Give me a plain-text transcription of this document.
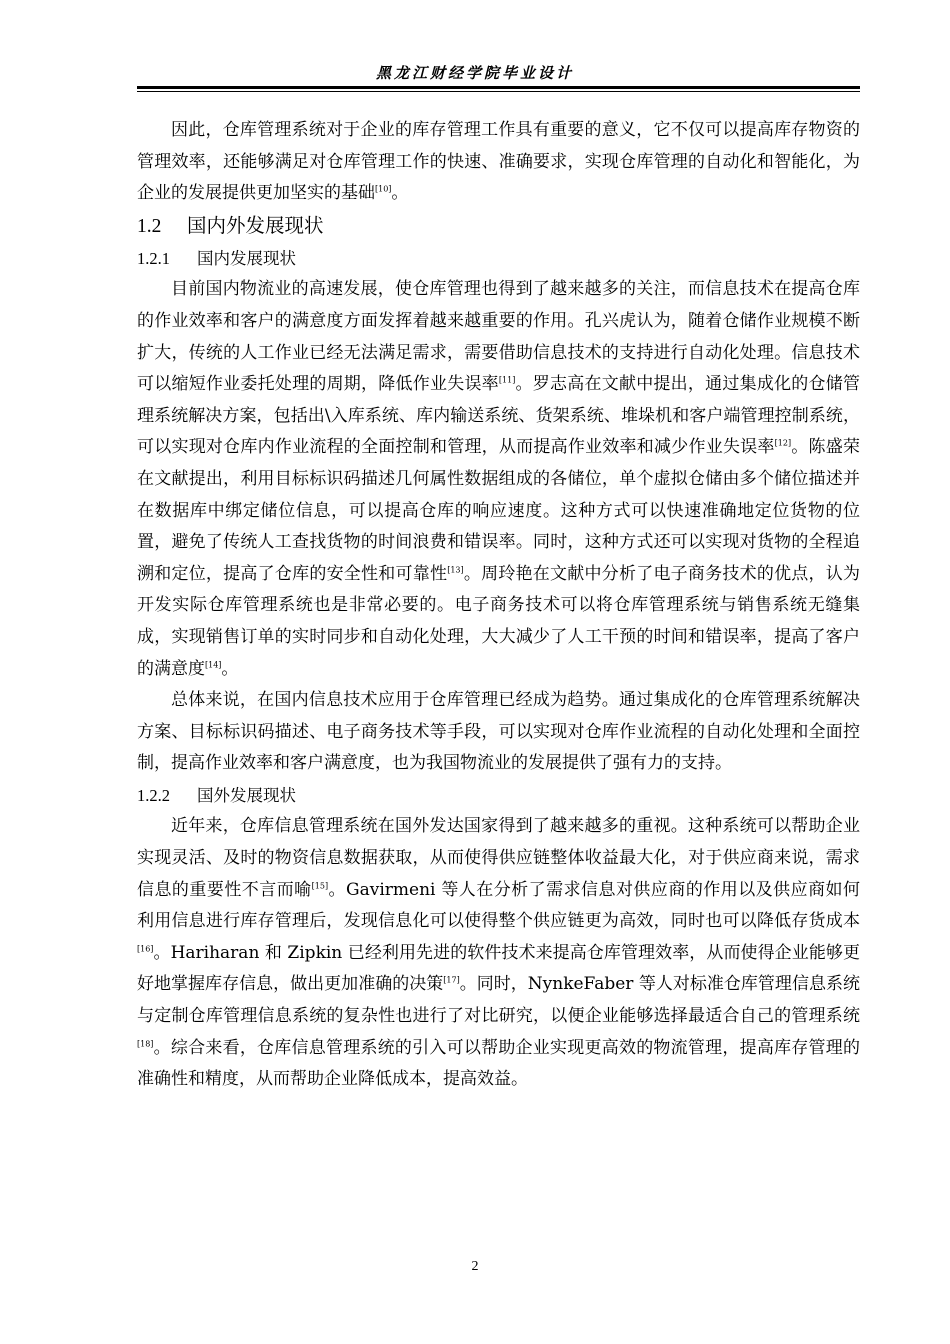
黑龙江财经学院毕业设计

因此，仓库管理系统对于企业的库存管理工作具有重要的意义，它不仅可以提高库存物资的管理效率，还能够满足对仓库管理工作的快速、准确要求，实现仓库管理的自动化和智能化，为企业的发展提供更加坚实的基础[10]。

1.2 国内外发展现状
1.2.1 国内发展现状

目前国内物流业的高速发展，使仓库管理也得到了越来越多的关注，而信息技术在提高仓库的作业效率和客户的满意度方面发挥着越来越重要的作用。孔兴虎认为，随着仓储作业规模不断扩大，传统的人工作业已经无法满足需求，需要借助信息技术的支持进行自动化处理。信息技术可以缩短作业委托处理的周期，降低作业失误率[11]。罗志高在文献中提出，通过集成化的仓储管理系统解决方案，包括出\入库系统、库内输送系统、货架系统、堆垛机和客户端管理控制系统，可以实现对仓库内作业流程的全面控制和管理，从而提高作业效率和减少作业失误率[12]。陈盛荣在文献提出，利用目标标识码描述几何属性数据组成的各储位，单个虚拟仓储由多个储位描述并在数据库中绑定储位信息，可以提高仓库的响应速度。这种方式可以快速准确地定位货物的位置，避免了传统人工查找货物的时间浪费和错误率。同时，这种方式还可以实现对货物的全程追溯和定位，提高了仓库的安全性和可靠性[13]。周玲艳在文献中分析了电子商务技术的优点，认为开发实际仓库管理系统也是非常必要的。电子商务技术可以将仓库管理系统与销售系统无缝集成，实现销售订单的实时同步和自动化处理，大大减少了人工干预的时间和错误率，提高了客户的满意度[14]。

总体来说，在国内信息技术应用于仓库管理已经成为趋势。通过集成化的仓库管理系统解决方案、目标标识码描述、电子商务技术等手段，可以实现对仓库作业流程的自动化处理和全面控制，提高作业效率和客户满意度，也为我国物流业的发展提供了强有力的支持。

1.2.2 国外发展现状

近年来，仓库信息管理系统在国外发达国家得到了越来越多的重视。这种系统可以帮助企业实现灵活、及时的物资信息数据获取，从而使得供应链整体收益最大化，对于供应商来说，需求信息的重要性不言而喻[15]。Gavirmeni 等人在分析了需求信息对供应商的作用以及供应商如何利用信息进行库存管理后，发现信息化可以使得整个供应链更为高效，同时也可以降低存货成本[16]。Hariharan 和 Zipkin 已经利用先进的软件技术来提高仓库管理效率，从而使得企业能够更好地掌握库存信息，做出更加准确的决策[17]。同时，NynkeFaber 等人对标准仓库管理信息系统与定制仓库管理信息系统的复杂性也进行了对比研究，以便企业能够选择最适合自己的管理系统[18]。综合来看，仓库信息管理系统的引入可以帮助企业实现更高效的物流管理，提高库存管理的准确性和精度，从而帮助企业降低成本，提高效益。

2
